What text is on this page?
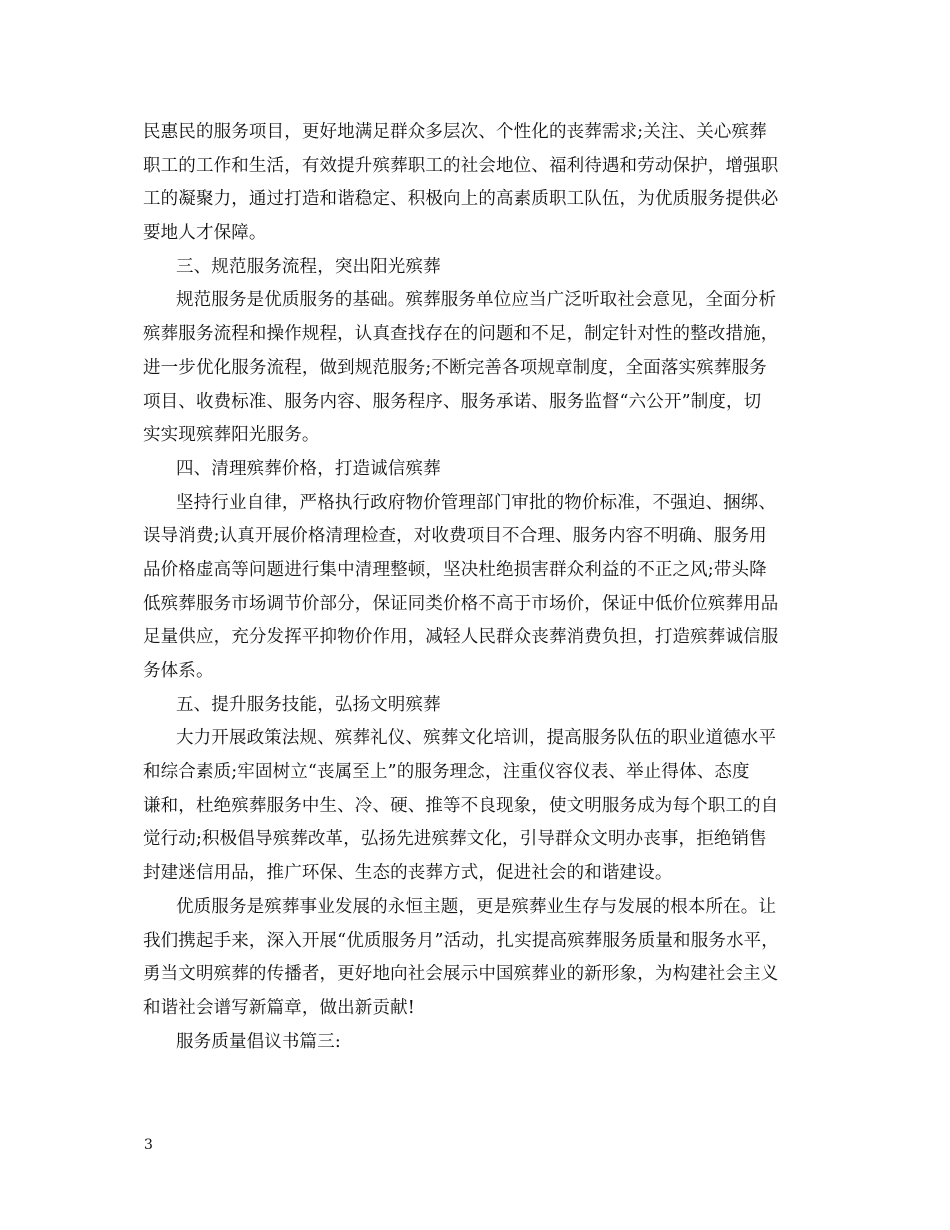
民惠民的服务项目，更好地满足群众多层次、个性化的丧葬需求;关注、关心殡葬
职工的工作和生活，有效提升殡葬职工的社会地位、福利待遇和劳动保护，增强职
工的凝聚力，通过打造和谐稳定、积极向上的高素质职工队伍，为优质服务提供必
要地人才保障。
三、规范服务流程，突出阳光殡葬
规范服务是优质服务的基础。殡葬服务单位应当广泛听取社会意见，全面分析
殡葬服务流程和操作规程，认真查找存在的问题和不足，制定针对性的整改措施，
进一步优化服务流程，做到规范服务;不断完善各项规章制度，全面落实殡葬服务
项目、收费标准、服务内容、服务程序、服务承诺、服务监督“六公开”制度，切
实实现殡葬阳光服务。
四、清理殡葬价格，打造诚信殡葬
坚持行业自律，严格执行政府物价管理部门审批的物价标准，不强迫、捆绑、
误导消费;认真开展价格清理检查，对收费项目不合理、服务内容不明确、服务用
品价格虚高等问题进行集中清理整顿，坚决杜绝损害群众利益的不正之风;带头降
低殡葬服务市场调节价部分，保证同类价格不高于市场价，保证中低价位殡葬用品
足量供应，充分发挥平抑物价作用，减轻人民群众丧葬消费负担，打造殡葬诚信服
务体系。
五、提升服务技能，弘扬文明殡葬
大力开展政策法规、殡葬礼仪、殡葬文化培训，提高服务队伍的职业道德水平
和综合素质;牢固树立“丧属至上”的服务理念，注重仪容仪表、举止得体、态度
谦和，杜绝殡葬服务中生、冷、硬、推等不良现象，使文明服务成为每个职工的自
觉行动;积极倡导殡葬改革，弘扬先进殡葬文化，引导群众文明办丧事，拒绝销售
封建迷信用品，推广环保、生态的丧葬方式，促进社会的和谐建设。
优质服务是殡葬事业发展的永恒主题，更是殡葬业生存与发展的根本所在。让
我们携起手来，深入开展“优质服务月”活动，扎实提高殡葬服务质量和服务水平，
勇当文明殡葬的传播者，更好地向社会展示中国殡葬业的新形象，为构建社会主义
和谐社会谱写新篇章，做出新贡献!
服务质量倡议书篇三:
3
